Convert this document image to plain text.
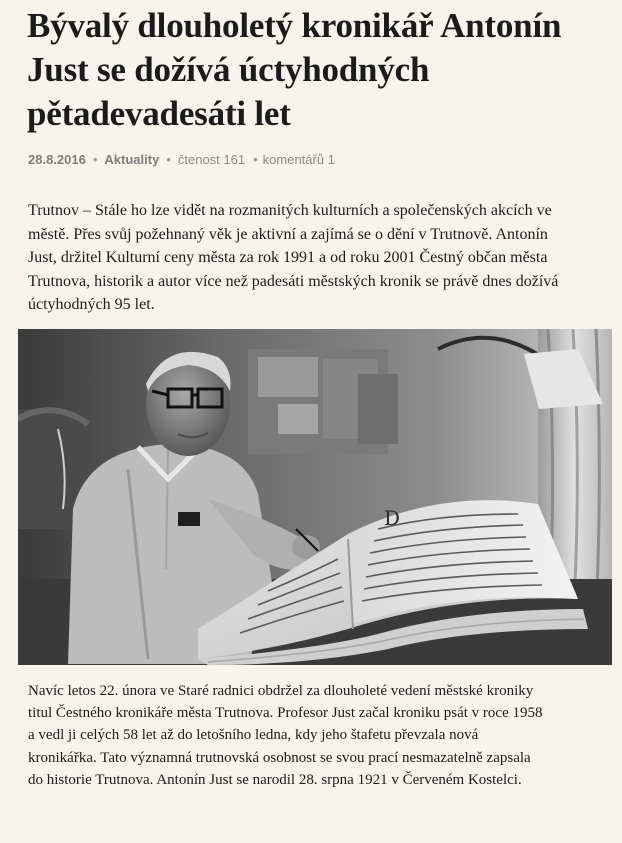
Bývalý dlouholetý kronikář Antonín Just se dožívá úctyhodných pětadevadesáti let
28.8.2016 • Aktuality • čtenost 161 • komentářů 1

Trutnov – Stále ho lze vidět na rozmanitých kulturních a společenských akcích ve městě. Přes svůj požehnaný věk je aktivní a zajímá se o dění v Trutnově. Antonín Just, držitel Kulturní ceny města za rok 1991 a od roku 2001 Čestný občan města Trutnova, historik a autor více než padesáti městských kronik se právě dnes dožívá úctyhodných 95 let.

D

Navíc letos 22. února ve Staré radnici obdržel za dlouholeté vedení městské kroniky titul Čestného kronikáře města Trutnova. Profesor Just začal kroniku psát v roce 1958 a vedl ji celých 58 let až do letošního ledna, kdy jeho štafetu převzala nová kronikářka. Tato významná trutnovská osobnost se svou prací nesmazatelně zapsala do historie Trutnova. Antonín Just se narodil 28. srpna 1921 v Červeném Kostelci.
